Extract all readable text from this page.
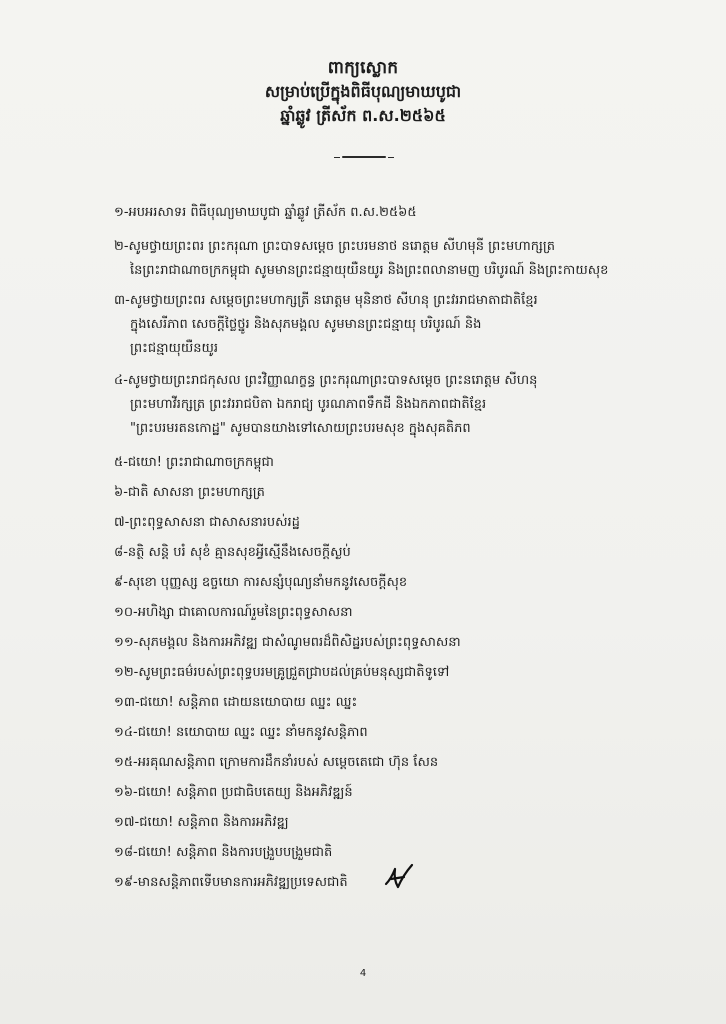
ពាក្យស្លោក
សម្រាប់ប្រើក្នុងពិធីបុណ្យមាឃបូជា
ឆ្នាំឆ្លូវ ត្រីស័ក ព.ស.២៥៦៥
១-អបអរសាទរ ពិធីបុណ្យមាឃបូជា ឆ្នាំឆ្លូវ ត្រីស័ក ព.ស.២៥៦៥
២-សូមថ្វាយព្រះពរ ព្រះករុណា ព្រះបាទសម្តេច ព្រះបរមនាថ នរោត្តម សីហមុនី ព្រះមហាក្សត្រ
នៃព្រះរាជាណាចក្រកម្ពុជា សូមមានព្រះជន្មាយុយឺនយូរ និងព្រះពលានាមញ បរិបូរណ៍ និងព្រះកាយសុខ
៣-សូមថ្វាយព្រះពរ សម្តេចព្រះមហាក្សត្រី នរោត្តម មុនិនាថ សីហនុ ព្រះវររាជមាតាជាតិខ្មែរ
ក្នុងសេរីភាព សេចក្តីថ្លៃថ្នូរ និងសុភមង្គល សូមមានព្រះជន្មាយុ បរិបូរណ៍ និង
ព្រះជន្មាយុយឺនយូរ
៤-សូមថ្វាយព្រះរាជកុសល ព្រះវិញ្ញាណក្ខន្ធ ព្រះករុណាព្រះបាទសម្តេច ព្រះនរោត្តម សីហនុ
ព្រះមហាវីរក្សត្រ ព្រះវររាជបិតា ឯករាជ្យ បូរណភាពទឹកដី និងឯកភាពជាតិខ្មែរ
"ព្រះបរមរតនកោដ្ឋ" សូមបានយាងទៅសោយព្រះបរមសុខ ក្នុងសុគតិភព
៥-ជយោ! ព្រះរាជាណាចក្រកម្ពុជា
៦-ជាតិ សាសនា ព្រះមហាក្សត្រ
៧-ព្រះពុទ្ធសាសនា ជាសាសនារបស់រដ្ឋ
៨-នត្ថិ សន្តិ បរំ សុខំ គ្មានសុខអ្វីស្មើនឹងសេចក្តីស្ងប់
៩-សុខោ បុញ្ញស្ស ឧច្ចយោ ការសន្សំបុណ្យនាំមកនូវសេចក្តីសុខ
១០-អហិង្សា ជាគោលការណ៍រួមនៃព្រះពុទ្ធសាសនា
១១-សុភមង្គល និងការអភិវឌ្ឍ ជាសំណូមពរដ៏ពិសិដ្ឋរបស់ព្រះពុទ្ធសាសនា
១២-សូមព្រះធម៌របស់ព្រះពុទ្ធបរមគ្រូជ្រួតជ្រាបដល់គ្រប់មនុស្សជាតិទូទៅ
១៣-ជយោ! សន្តិភាព ដោយនយោបាយ ឈ្នះ ឈ្នះ
១៤-ជយោ! នយោបាយ ឈ្នះ ឈ្នះ នាំមកនូវសន្តិភាព
១៥-អរគុណសន្តិភាព ក្រោមការដឹកនាំរបស់ សម្តេចតេជោ ហ៊ុន សែន
១៦-ជយោ! សន្តិភាព ប្រជាធិបតេយ្យ និងអភិវឌ្ឍន៍
១៧-ជយោ! សន្តិភាព និងការអភិវឌ្ឍ
១៨-ជយោ! សន្តិភាព និងការបង្រួបបង្រួមជាតិ
១៩-មានសន្តិភាពទើបមានការអភិវឌ្ឍប្រទេសជាតិ
4
